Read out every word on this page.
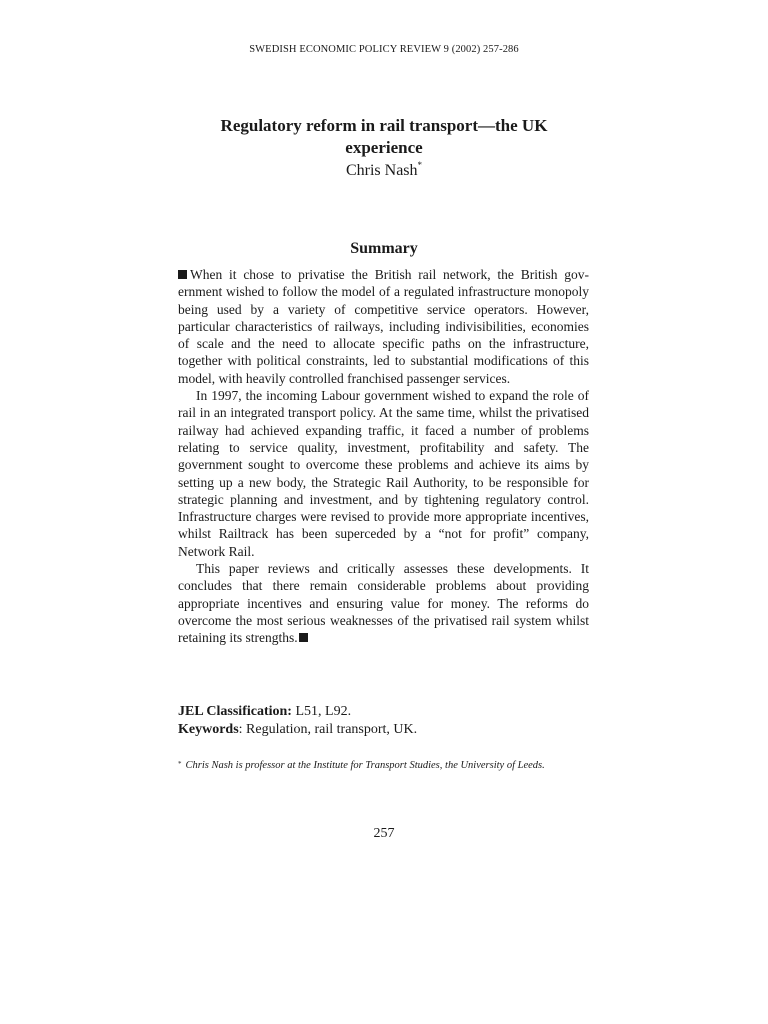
SWEDISH ECONOMIC POLICY REVIEW 9 (2002) 257-286
Regulatory reform in rail transport—the UK experience
Chris Nash*
Summary

When it chose to privatise the British rail network, the British government wished to follow the model of a regulated infrastructure monopoly being used by a variety of competitive service operators. However, particular characteristics of railways, including indivisibilities, economies of scale and the need to allocate specific paths on the infrastructure, together with political constraints, led to substantial modifications of this model, with heavily controlled franchised passenger services.

In 1997, the incoming Labour government wished to expand the role of rail in an integrated transport policy. At the same time, whilst the privatised railway had achieved expanding traffic, it faced a number of problems relating to service quality, investment, profitability and safety. The government sought to overcome these problems and achieve its aims by setting up a new body, the Strategic Rail Authority, to be responsible for strategic planning and investment, and by tightening regulatory control. Infrastructure charges were revised to provide more appropriate incentives, whilst Railtrack has been superceded by a “not for profit” company, Network Rail.

This paper reviews and critically assesses these developments. It concludes that there remain considerable problems about providing appropriate incentives and ensuring value for money. The reforms do overcome the most serious weaknesses of the privatised rail system whilst retaining its strengths.

JEL Classification: L51, L92.
Keywords: Regulation, rail transport, UK.
* Chris Nash is professor at the Institute for Transport Studies, the University of Leeds.
257
